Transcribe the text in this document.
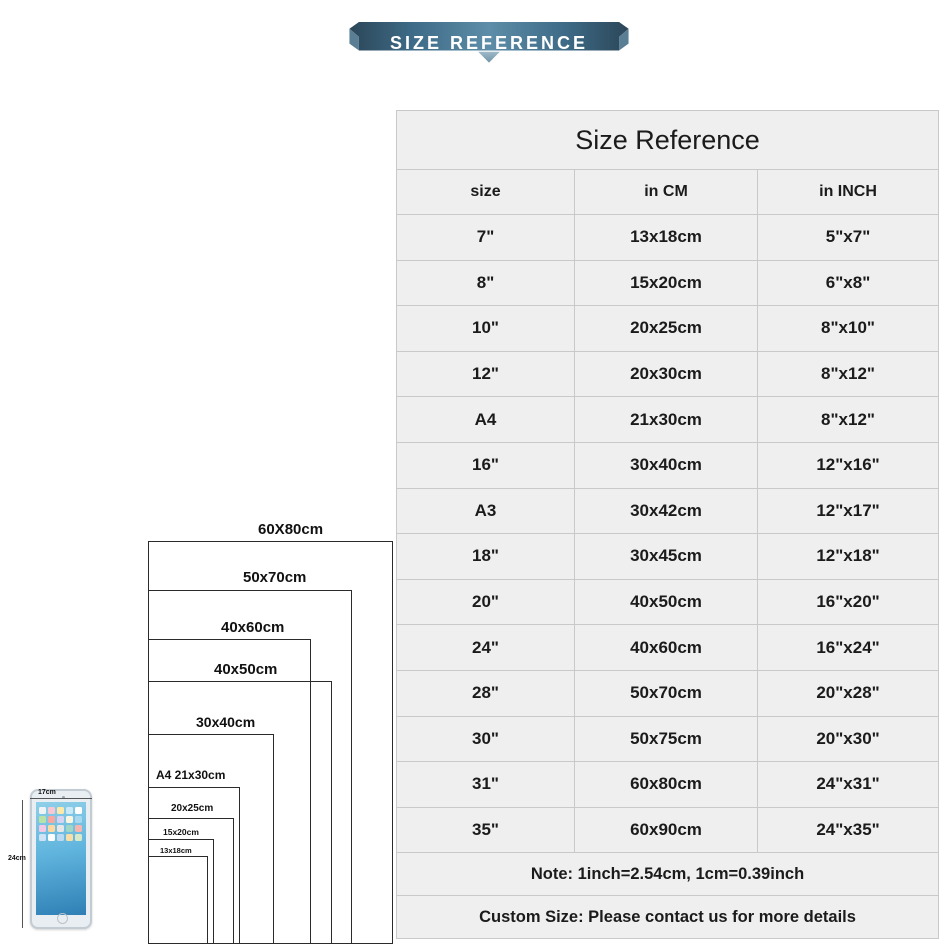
SIZE REFERENCE
Size Reference		
size	in CM	in INCH
7"	13x18cm	5"x7"
8"	15x20cm	6"x8"
10"	20x25cm	8"x10"
12"	20x30cm	8"x12"
A4	21x30cm	8"x12"
16"	30x40cm	12"x16"
A3	30x42cm	12"x17"
18"	30x45cm	12"x18"
20"	40x50cm	16"x20"
24"	40x60cm	16"x24"
28"	50x70cm	20"x28"
30"	50x75cm	20"x30"
31"	60x80cm	24"x31"
35"	60x90cm	24"x35"
Note: 1inch=2.54cm, 1cm=0.39inch		
Custom Size: Please contact us for more details		
60X80cm
50x70cm
40x60cm
40x50cm
30x40cm
A4 21x30cm
20x25cm
15x20cm
13x18cm
17cm
24cm
